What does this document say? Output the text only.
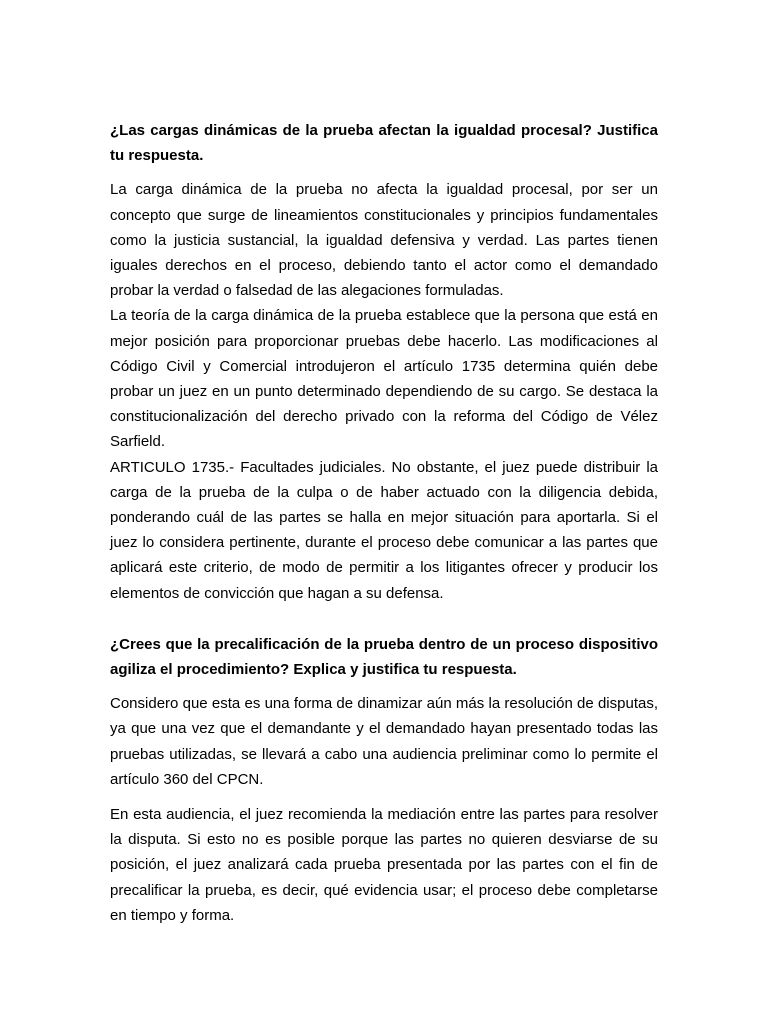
¿Las cargas dinámicas de la prueba afectan la igualdad procesal? Justifica tu respuesta.

La carga dinámica de la prueba no afecta la igualdad procesal, por ser un concepto que surge de lineamientos constitucionales y principios fundamentales como la justicia sustancial, la igualdad defensiva y verdad. Las partes tienen iguales derechos en el proceso, debiendo tanto el actor como el demandado probar la verdad o falsedad de las alegaciones formuladas.

La teoría de la carga dinámica de la prueba establece que la persona que está en mejor posición para proporcionar pruebas debe hacerlo. Las modificaciones al Código Civil y Comercial introdujeron el artículo 1735 determina quién debe probar un juez en un punto determinado dependiendo de su cargo. Se destaca la constitucionalización del derecho privado con la reforma del Código de Vélez Sarfield.

ARTICULO 1735.- Facultades judiciales. No obstante, el juez puede distribuir la carga de la prueba de la culpa o de haber actuado con la diligencia debida, ponderando cuál de las partes se halla en mejor situación para aportarla. Si el juez lo considera pertinente, durante el proceso debe comunicar a las partes que aplicará este criterio, de modo de permitir a los litigantes ofrecer y producir los elementos de convicción que hagan a su defensa.

¿Crees que la precalificación de la prueba dentro de un proceso dispositivo agiliza el procedimiento? Explica y justifica tu respuesta.

Considero que esta es una forma de dinamizar aún más la resolución de disputas, ya que una vez que el demandante y el demandado hayan presentado todas las pruebas utilizadas, se llevará a cabo una audiencia preliminar como lo permite el artículo 360 del CPCN.

En esta audiencia, el juez recomienda la mediación entre las partes para resolver la disputa. Si esto no es posible porque las partes no quieren desviarse de su posición, el juez analizará cada prueba presentada por las partes con el fin de precalificar la prueba, es decir, qué evidencia usar; el proceso debe completarse en tiempo y forma.
